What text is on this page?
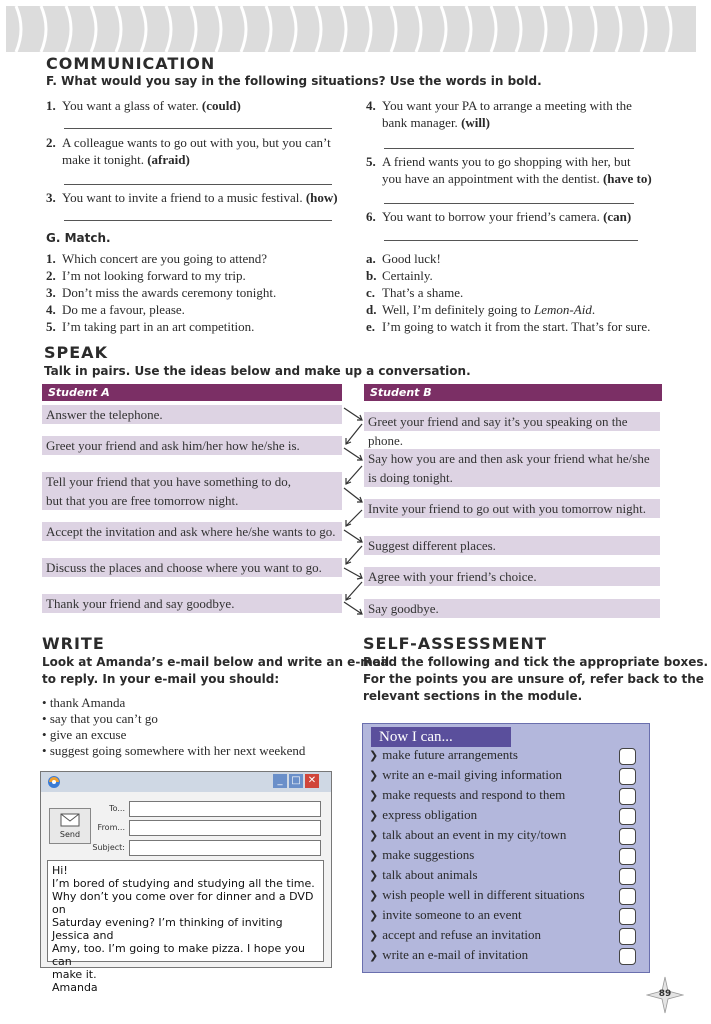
COMMUNICATION
F. What would you say in the following situations? Use the words in bold.
1. You want a glass of water. (could)
2. A colleague wants to go out with you, but you can’t make it tonight. (afraid)
3. You want to invite a friend to a music festival. (how)
4. You want your PA to arrange a meeting with the bank manager. (will)
5. A friend wants you to go shopping with her, but you have an appointment with the dentist. (have to)
6. You want to borrow your friend’s camera. (can)
G. Match.
1. Which concert are you going to attend?
2. I’m not looking forward to my trip.
3. Don’t miss the awards ceremony tonight.
4. Do me a favour, please.
5. I’m taking part in an art competition.
a. Good luck!
b. Certainly.
c. That’s a shame.
d. Well, I’m definitely going to Lemon-Aid.
e. I’m going to watch it from the start. That’s for sure.
SPEAK
Talk in pairs. Use the ideas below and make up a conversation.
Student A	Student B
Answer the telephone.
Greet your friend and ask him/her how he/she is.
Tell your friend that you have something to do,
but that you are free tomorrow night.
Accept the invitation and ask where he/she wants to go.
Discuss the places and choose where you want to go.
Thank your friend and say goodbye.
Greet your friend and say it’s you speaking on the phone.
Say how you are and then ask your friend what he/she
is doing tonight.
Invite your friend to go out with you tomorrow night.
Suggest different places.
Agree with your friend’s choice.
Say goodbye.
WRITE
Look at Amanda’s e-mail below and write an e-mail
to reply. In your e-mail you should:
• thank Amanda
• say that you can’t go
• give an excuse
• suggest going somewhere with her next weekend
_ □ ✕
Send
To...
From...
Subject:
Hi!
I’m bored of studying and studying all the time.
Why don’t you come over for dinner and a DVD on
Saturday evening? I’m thinking of inviting Jessica and
Amy, too. I’m going to make pizza. I hope you can
make it.
Amanda
SELF-ASSESSMENT
Read the following and tick the appropriate boxes.
For the points you are unsure of, refer back to the
relevant sections in the module.
Now I can...
❯ make future arrangements
❯ write an e-mail giving information
❯ make requests and respond to them
❯ express obligation
❯ talk about an event in my city/town
❯ make suggestions
❯ talk about animals
❯ wish people well in different situations
❯ invite someone to an event
❯ accept and refuse an invitation
❯ write an e-mail of invitation
89
